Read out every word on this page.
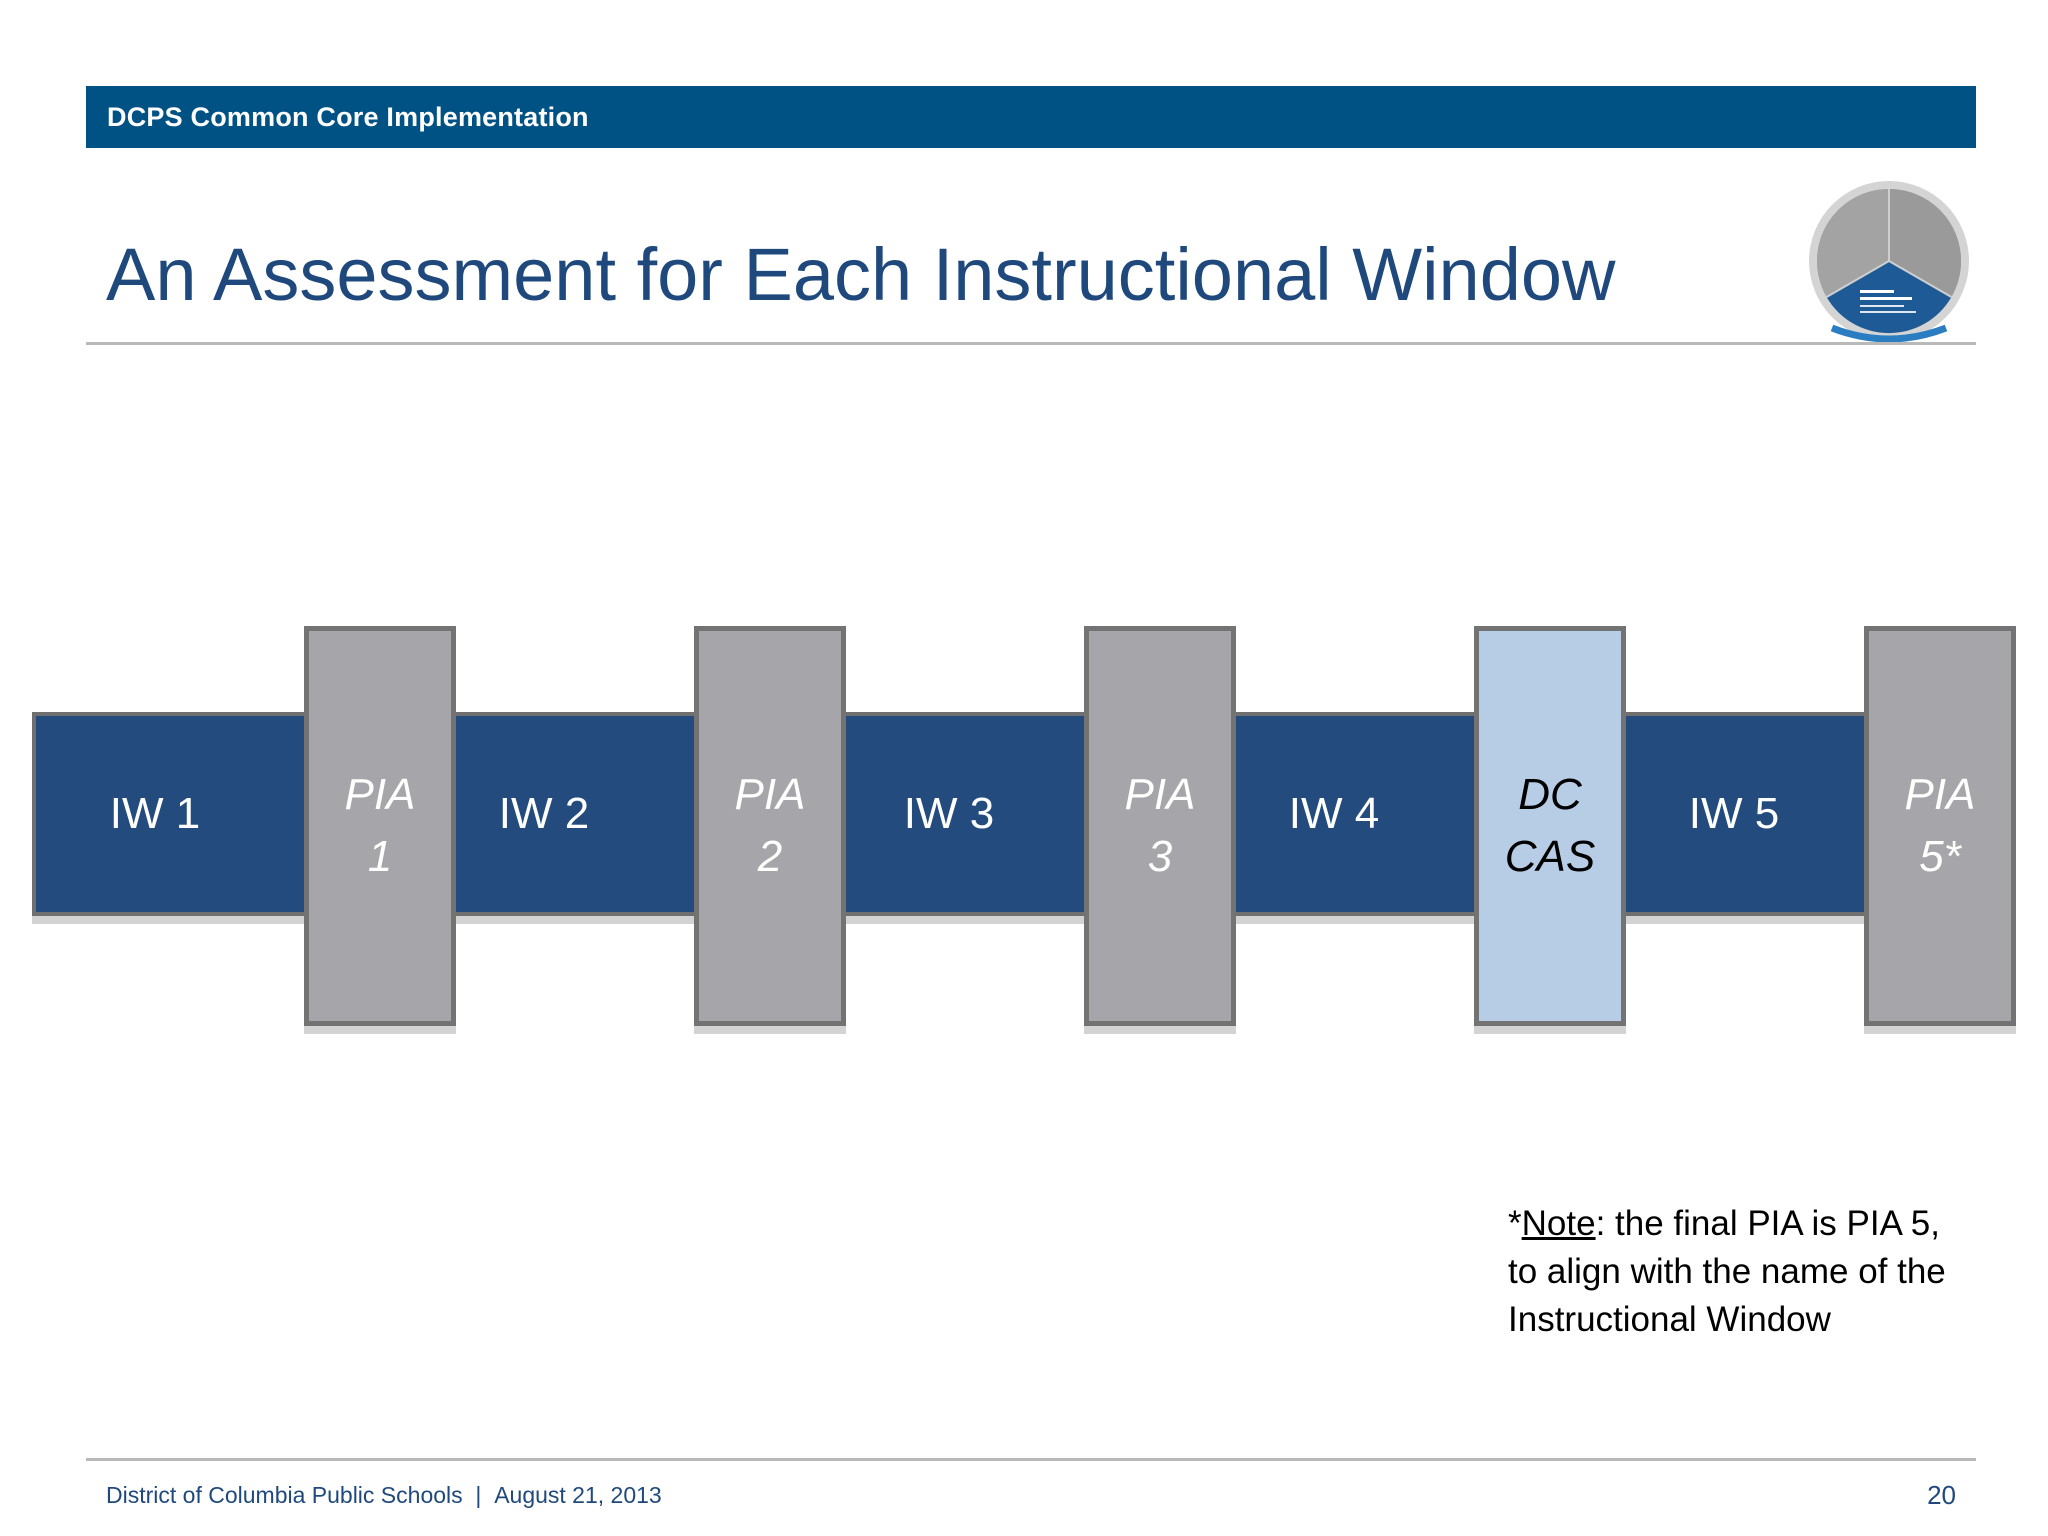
DCPS Common Core Implementation
An Assessment for Each Instructional Window
IW 1	IW 2	IW 3	IW 4	IW 5
PIA
1
PIA
2
PIA
3
DC
CAS
PIA
5*
*Note: the final PIA is PIA 5, to align with the name of the Instructional Window
District of Columbia Public Schools | August 21, 2013	20
